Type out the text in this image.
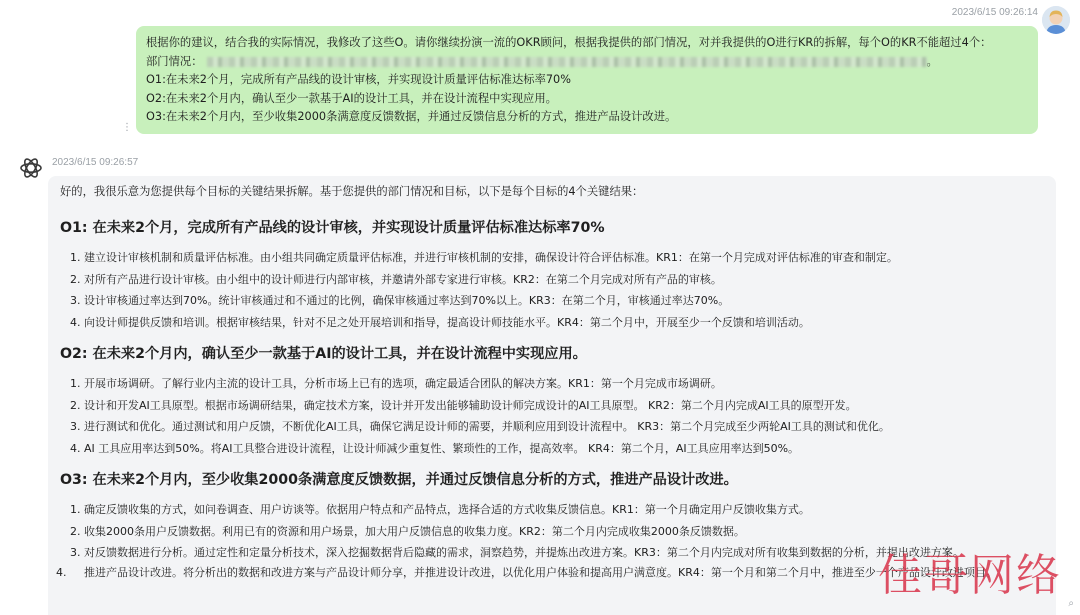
2023/6/15 09:26:14
根据你的建议，结合我的实际情况，我修改了这些O。请你继续扮演一流的OKR顾问，根据我提供的部门情况，对并我提供的O进行KR的拆解，每个O的KR不能超过4个：
部门情况：	。
O1:在未来2个月，完成所有产品线的设计审核，并实现设计质量评估标准达标率70%
O2:在未来2个月内，确认至少一款基于AI的设计工具，并在设计流程中实现应用。
O3:在未来2个月内，至少收集2000条满意度反馈数据，并通过反馈信息分析的方式，推进产品设计改进。
⋮
2023/6/15 09:26:57
好的，我很乐意为您提供每个目标的关键结果拆解。基于您提供的部门情况和目标，以下是每个目标的4个关键结果：
O1: 在未来2个月，完成所有产品线的设计审核，并实现设计质量评估标准达标率70%
1. 建立设计审核机制和质量评估标准。由小组共同确定质量评估标准，并进行审核机制的安排，确保设计符合评估标准。KR1：在第一个月完成对评估标准的审查和制定。
2. 对所有产品进行设计审核。由小组中的设计师进行内部审核，并邀请外部专家进行审核。KR2：在第二个月完成对所有产品的审核。
3. 设计审核通过率达到70%。统计审核通过和不通过的比例，确保审核通过率达到70%以上。KR3：在第二个月，审核通过率达70%。
4. 向设计师提供反馈和培训。根据审核结果，针对不足之处开展培训和指导，提高设计师技能水平。KR4：第二个月中，开展至少一个反馈和培训活动。
O2: 在未来2个月内，确认至少一款基于AI的设计工具，并在设计流程中实现应用。
1. 开展市场调研。了解行业内主流的设计工具，分析市场上已有的选项，确定最适合团队的解决方案。KR1：第一个月完成市场调研。
2. 设计和开发AI工具原型。根据市场调研结果，确定技术方案，设计并开发出能够辅助设计师完成设计的AI工具原型。 KR2：第二个月内完成AI工具的原型开发。
3. 进行测试和优化。通过测试和用户反馈，不断优化AI工具，确保它满足设计师的需要，并顺利应用到设计流程中。 KR3：第二个月完成至少两轮AI工具的测试和优化。
4. AI 工具应用率达到50%。将AI工具整合进设计流程，让设计师减少重复性、繁琐性的工作，提高效率。 KR4：第二个月，AI工具应用率达到50%。
O3: 在未来2个月内，至少收集2000条满意度反馈数据，并通过反馈信息分析的方式，推进产品设计改进。
1. 确定反馈收集的方式，如问卷调查、用户访谈等。依据用户特点和产品特点，选择合适的方式收集反馈信息。KR1：第一个月确定用户反馈收集方式。
2. 收集2000条用户反馈数据。利用已有的资源和用户场景，加大用户反馈信息的收集力度。KR2：第二个月内完成收集2000条反馈数据。
3. 对反馈数据进行分析。通过定性和定量分析技术，深入挖掘数据背后隐藏的需求，洞察趋势，并提炼出改进方案。KR3：第二个月内完成对所有收集到数据的分析，并提出改进方案。
4. 推进产品设计改进。将分析出的数据和改进方案与产品设计师分享，并推进设计改进，以优化用户体验和提高用户满意度。KR4：第一个月和第二个月中，推进至少一个产品设计改进项目。
佳哥网络
⌕
